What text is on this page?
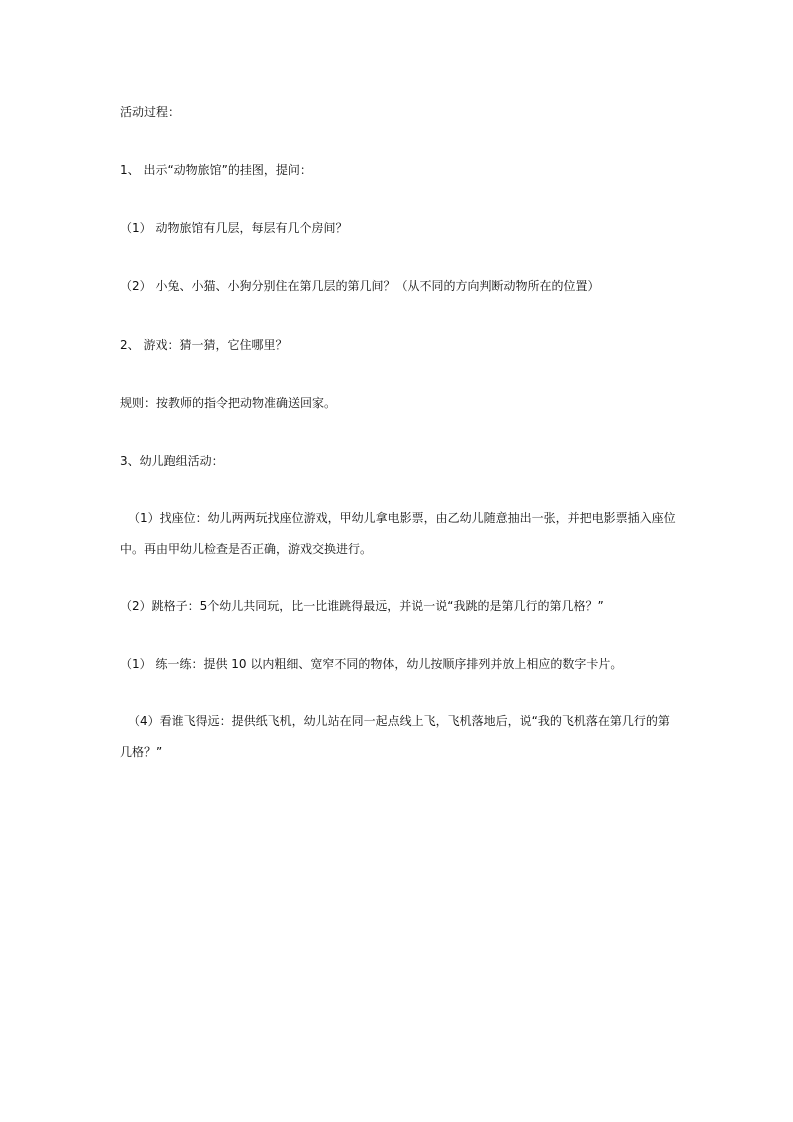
活动过程：
1、 出示“动物旅馆”的挂图，提问：
（1） 动物旅馆有几层，每层有几个房间？
（2） 小兔、小猫、小狗分别住在第几层的第几间？（从不同的方向判断动物所在的位置）
2、 游戏：猜一猜，它住哪里？
规则：按教师的指令把动物准确送回家。
3、幼儿跑组活动：
（1）找座位：幼儿两两玩找座位游戏，甲幼儿拿电影票，由乙幼儿随意抽出一张，并把电影票插入座位中。再由甲幼儿检查是否正确，游戏交换进行。
（2）跳格子：5个幼儿共同玩，比一比谁跳得最远，并说一说“我跳的是第几行的第几格？”
（1） 练一练：提供 10 以内粗细、宽窄不同的物体，幼儿按顺序排列并放上相应的数字卡片。
（4）看谁飞得远：提供纸飞机，幼儿站在同一起点线上飞，飞机落地后，说“我的飞机落在第几行的第几格？”
